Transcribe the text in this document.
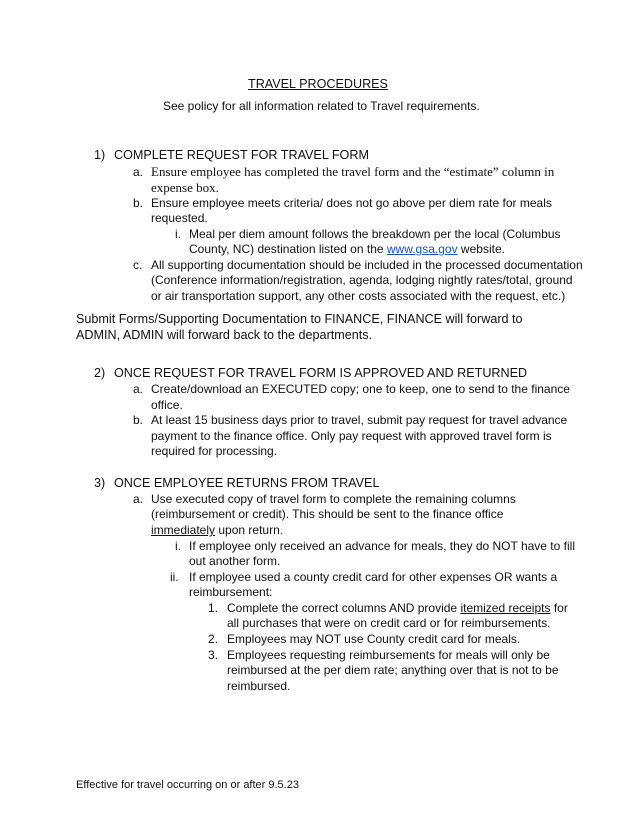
TRAVEL PROCEDURES
See policy for all information related to Travel requirements.
1) COMPLETE REQUEST FOR TRAVEL FORM
a. Ensure employee has completed the travel form and the “estimate” column in
expense box.
b. Ensure employee meets criteria/ does not go above per diem rate for meals
requested.
i. Meal per diem amount follows the breakdown per the local (Columbus
County, NC) destination listed on the www.gsa.gov website.
c. All supporting documentation should be included in the processed documentation
(Conference information/registration, agenda, lodging nightly rates/total, ground
or air transportation support, any other costs associated with the request, etc.)
Submit Forms/Supporting Documentation to FINANCE, FINANCE will forward to
ADMIN, ADMIN will forward back to the departments.
2) ONCE REQUEST FOR TRAVEL FORM IS APPROVED AND RETURNED
a. Create/download an EXECUTED copy; one to keep, one to send to the finance
office.
b. At least 15 business days prior to travel, submit pay request for travel advance
payment to the finance office. Only pay request with approved travel form is
required for processing.
3) ONCE EMPLOYEE RETURNS FROM TRAVEL
a. Use executed copy of travel form to complete the remaining columns
(reimbursement or credit). This should be sent to the finance office
immediately upon return.
i. If employee only received an advance for meals, they do NOT have to fill
out another form.
ii. If employee used a county credit card for other expenses OR wants a
reimbursement:
1. Complete the correct columns AND provide itemized receipts for
all purchases that were on credit card or for reimbursements.
2. Employees may NOT use County credit card for meals.
3. Employees requesting reimbursements for meals will only be
reimbursed at the per diem rate; anything over that is not to be
reimbursed.
Effective for travel occurring on or after 9.5.23
